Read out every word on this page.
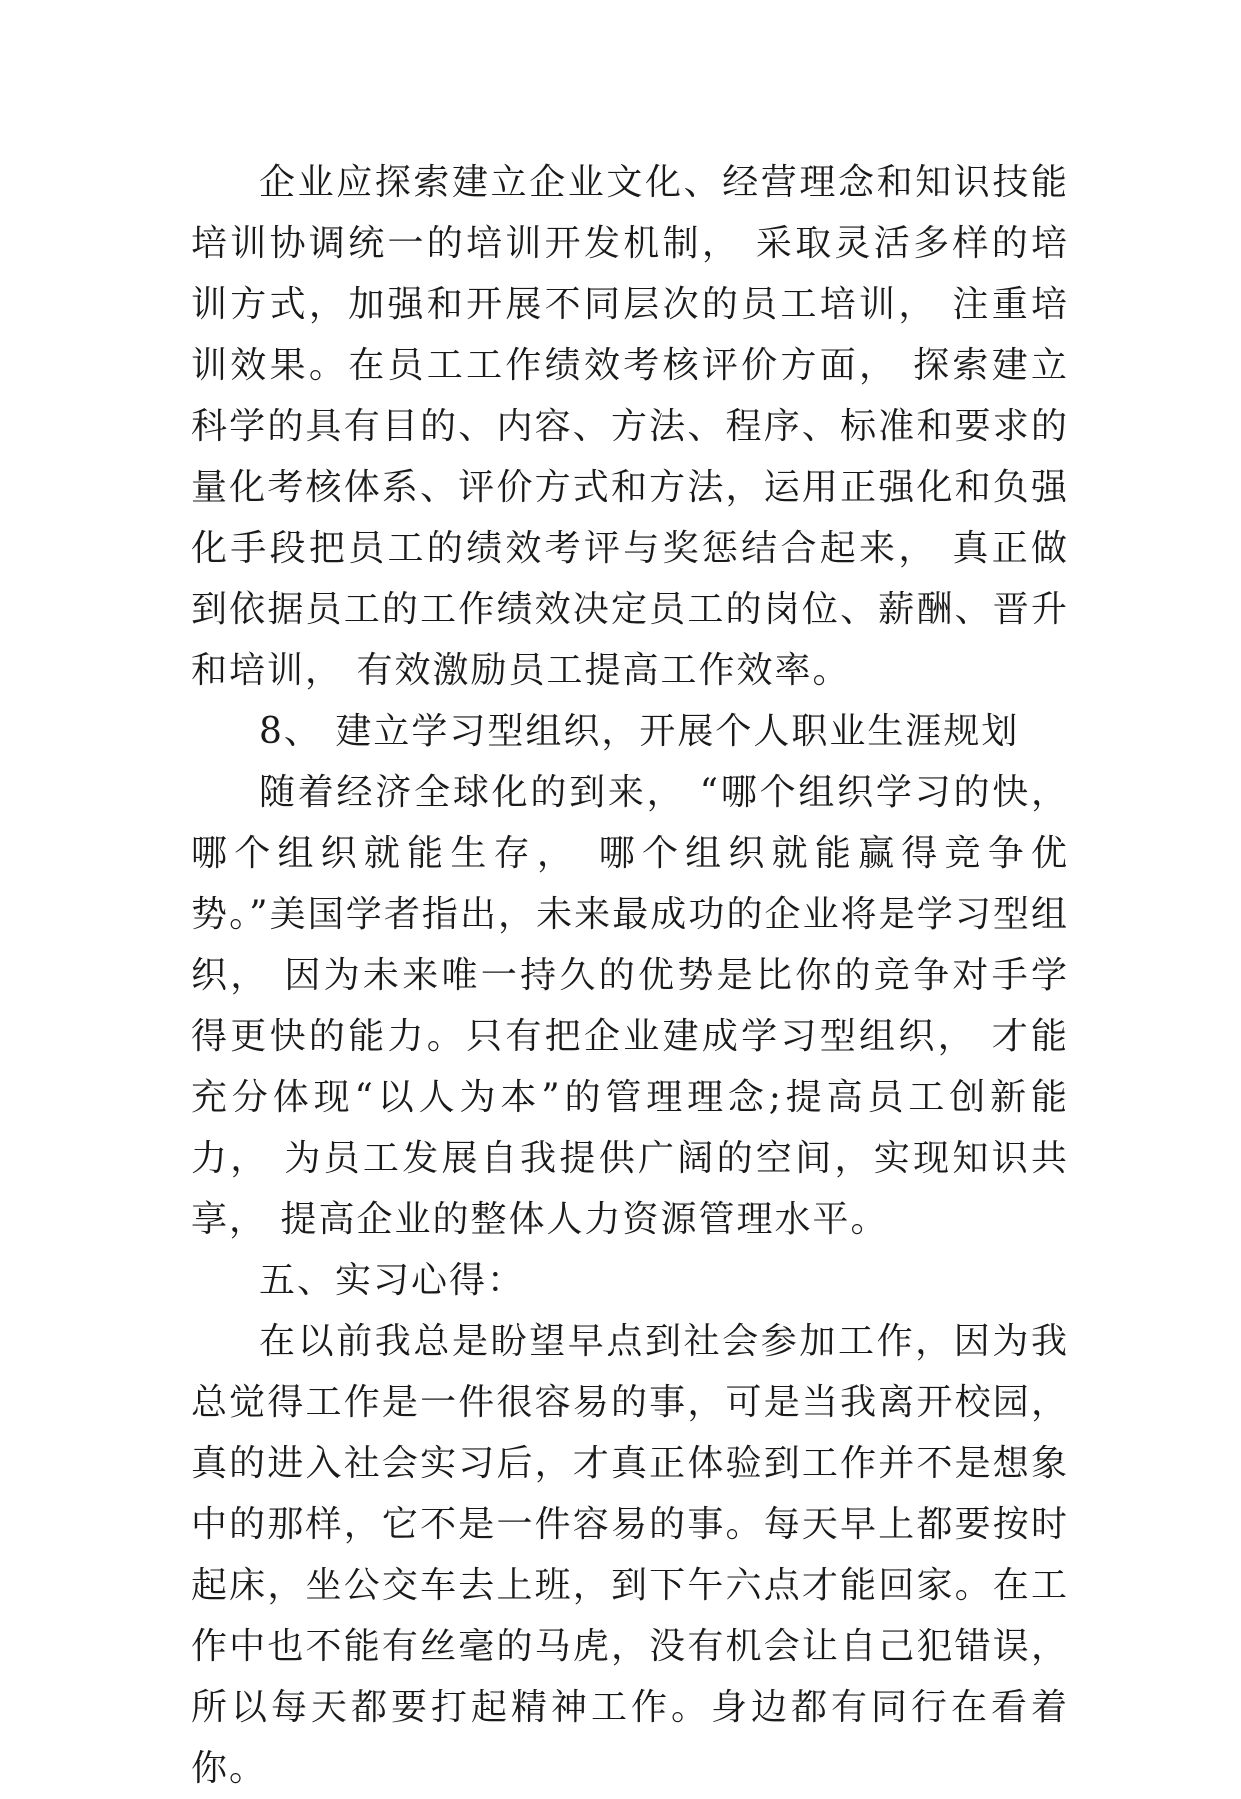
企业应探索建立企业文化、经营理念和知识技能培训协调统一的培训开发机制， 采取灵活多样的培训方式，加强和开展不同层次的员工培训， 注重培训效果。在员工工作绩效考核评价方面， 探索建立科学的具有目的、内容、方法、程序、标准和要求的量化考核体系、评价方式和方法，运用正强化和负强化手段把员工的绩效考评与奖惩结合起来， 真正做到依据员工的工作绩效决定员工的岗位、薪酬、晋升和培训， 有效激励员工提高工作效率。

8、 建立学习型组织，开展个人职业生涯规划

随着经济全球化的到来， “哪个组织学习的快， 哪个组织就能生存， 哪个组织就能赢得竞争优势。”美国学者指出，未来最成功的企业将是学习型组织， 因为未来唯一持久的优势是比你的竞争对手学得更快的能力。只有把企业建成学习型组织， 才能充分体现“以人为本”的管理理念;提高员工创新能力， 为员工发展自我提供广阔的空间，实现知识共享， 提高企业的整体人力资源管理水平。

五、实习心得：

在以前我总是盼望早点到社会参加工作，因为我总觉得工作是一件很容易的事，可是当我离开校园，真的进入社会实习后，才真正体验到工作并不是想象中的那样，它不是一件容易的事。每天早上都要按时起床，坐公交车去上班，到下午六点才能回家。在工作中也不能有丝毫的马虎，没有机会让自己犯错误，所以每天都要打起精神工作。身边都有同行在看着你。
